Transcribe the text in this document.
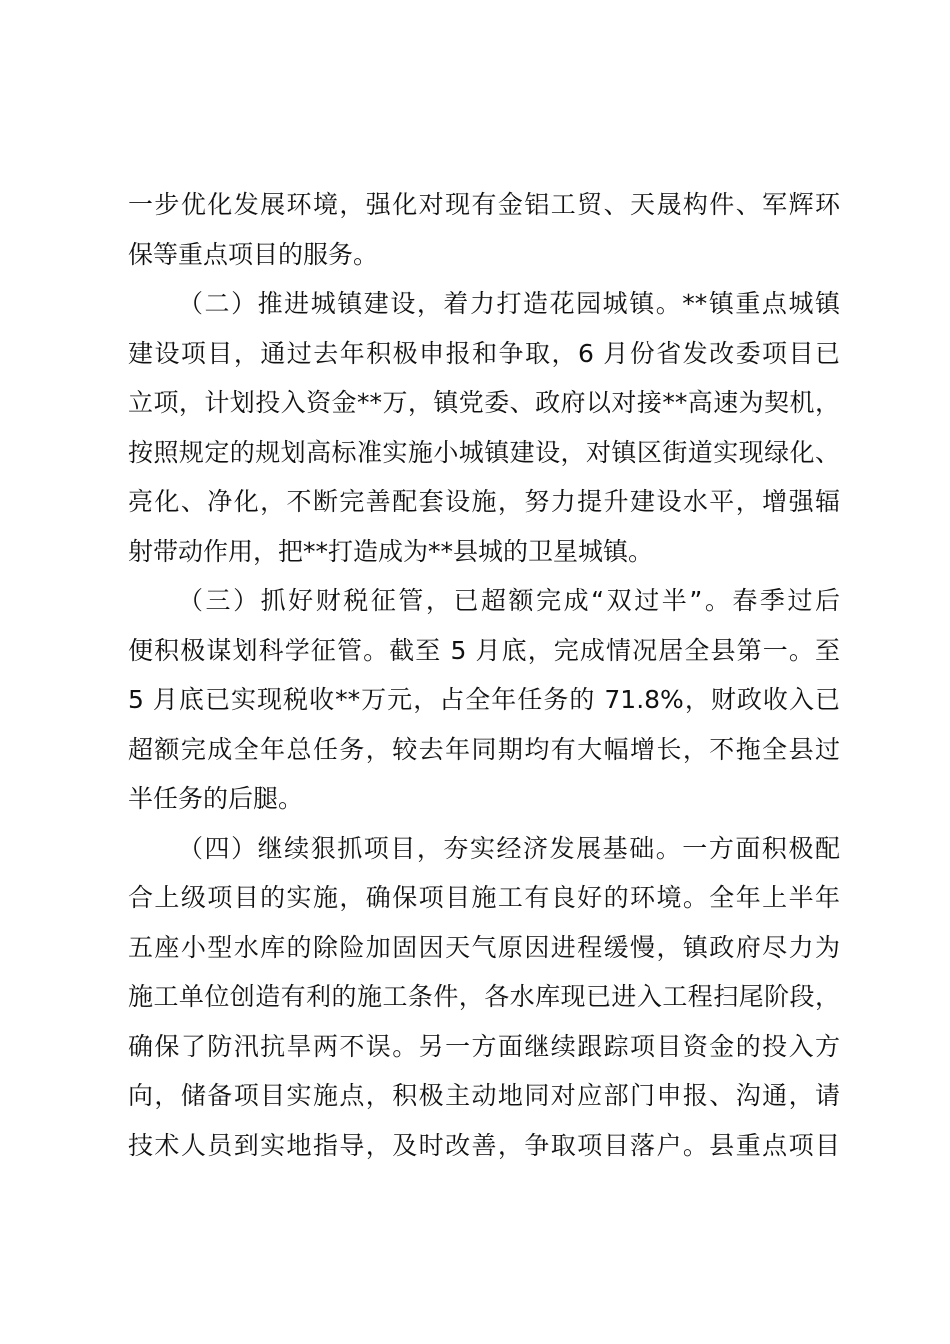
一步优化发展环境，强化对现有金铝工贸、天晟构件、军辉环
保等重点项目的服务。
（二）推进城镇建设，着力打造花园城镇。**镇重点城镇
建设项目，通过去年积极申报和争取，6 月份省发改委项目已
立项，计划投入资金**万，镇党委、政府以对接**高速为契机，
按照规定的规划高标准实施小城镇建设，对镇区街道实现绿化、
亮化、净化，不断完善配套设施，努力提升建设水平，增强辐
射带动作用，把**打造成为**县城的卫星城镇。
（三）抓好财税征管，已超额完成“双过半”。春季过后
便积极谋划科学征管。截至 5 月底，完成情况居全县第一。至
5 月底已实现税收**万元，占全年任务的 71.8%，财政收入已
超额完成全年总任务，较去年同期均有大幅增长，不拖全县过
半任务的后腿。
（四）继续狠抓项目，夯实经济发展基础。一方面积极配
合上级项目的实施，确保项目施工有良好的环境。全年上半年
五座小型水库的除险加固因天气原因进程缓慢，镇政府尽力为
施工单位创造有利的施工条件，各水库现已进入工程扫尾阶段，
确保了防汛抗旱两不误。另一方面继续跟踪项目资金的投入方
向，储备项目实施点，积极主动地同对应部门申报、沟通，请
技术人员到实地指导，及时改善，争取项目落户。县重点项目
